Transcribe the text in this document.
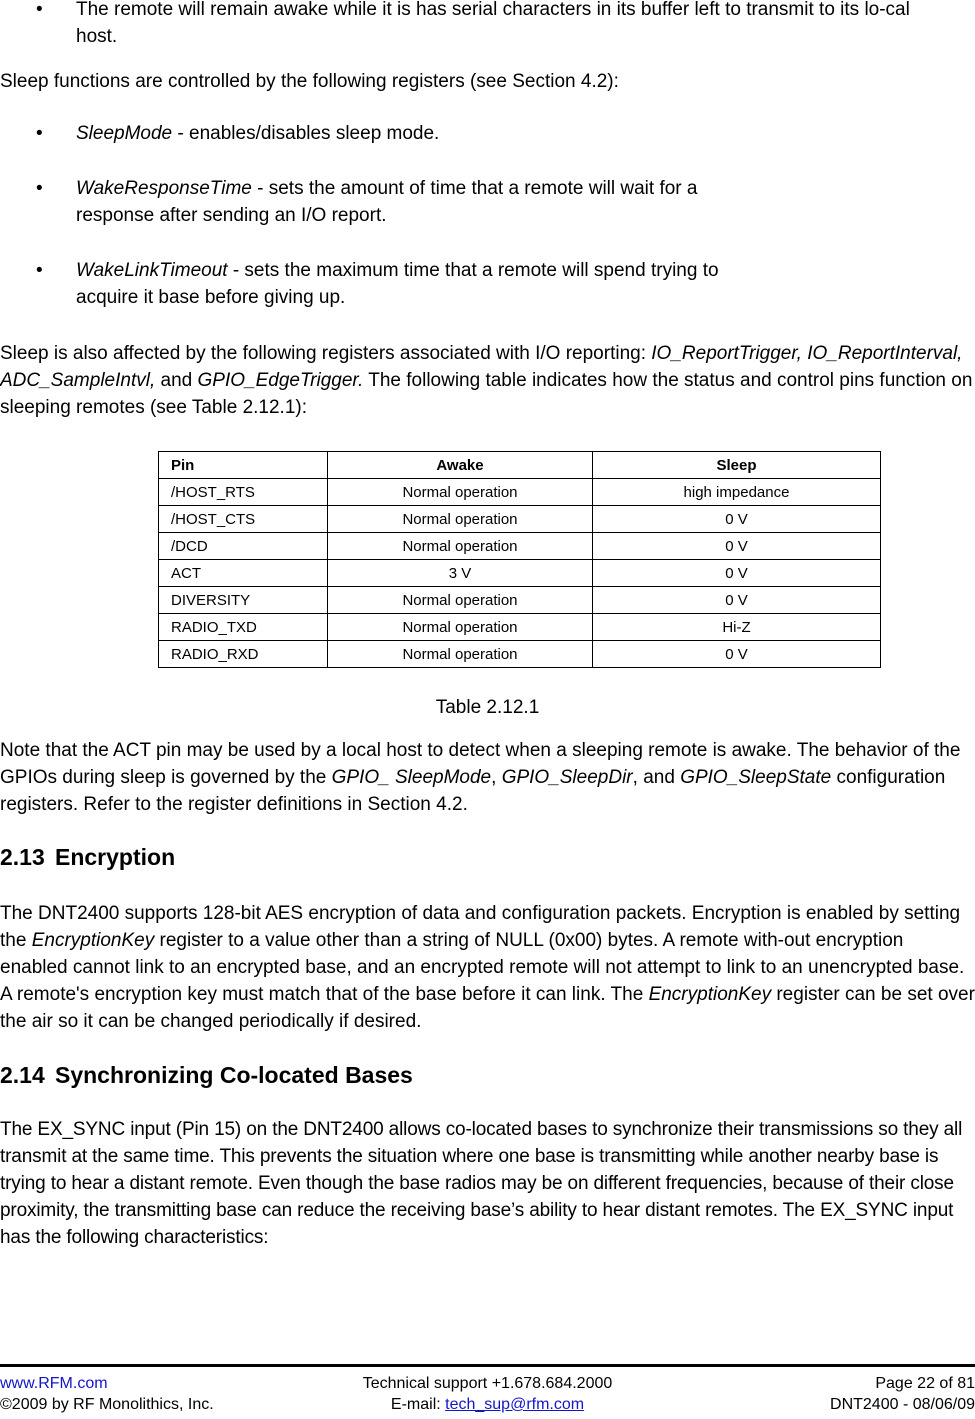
• The remote will remain awake while it is has serial characters in its buffer left to transmit to its lo-cal host.

Sleep functions are controlled by the following registers (see Section 4.2):

• SleepMode - enables/disables sleep mode.

• WakeResponseTime - sets the amount of time that a remote will wait for a response after sending an I/O report.

• WakeLinkTimeout - sets the maximum time that a remote will spend trying to acquire it base before giving up.

Sleep is also affected by the following registers associated with I/O reporting: IO_ReportTrigger, IO_ReportInterval, ADC_SampleIntvl, and GPIO_EdgeTrigger. The following table indicates how the status and control pins function on sleeping remotes (see Table 2.12.1):

Pin	Awake	Sleep
/HOST_RTS	Normal operation	high impedance
/HOST_CTS	Normal operation	0 V
/DCD	Normal operation	0 V
ACT	3 V	0 V
DIVERSITY	Normal operation	0 V
RADIO_TXD	Normal operation	Hi-Z
RADIO_RXD	Normal operation	0 V
Table 2.12.1

Note that the ACT pin may be used by a local host to detect when a sleeping remote is awake. The behavior of the GPIOs during sleep is governed by the GPIO_ SleepMode, GPIO_SleepDir, and GPIO_SleepState configuration registers. Refer to the register definitions in Section 4.2.

2.13 Encryption

The DNT2400 supports 128-bit AES encryption of data and configuration packets. Encryption is enabled by setting the EncryptionKey register to a value other than a string of NULL (0x00) bytes. A remote with-out encryption enabled cannot link to an encrypted base, and an encrypted remote will not attempt to link to an unencrypted base. A remote's encryption key must match that of the base before it can link. The EncryptionKey register can be set over the air so it can be changed periodically if desired.

2.14 Synchronizing Co-located Bases

The EX_SYNC input (Pin 15) on the DNT2400 allows co-located bases to synchronize their transmissions so they all transmit at the same time. This prevents the situation where one base is transmitting while another nearby base is trying to hear a distant remote. Even though the base radios may be on different frequencies, because of their close proximity, the transmitting base can reduce the receiving base’s ability to hear distant remotes. The EX_SYNC input has the following characteristics:

www.RFM.com
©2009 by RF Monolithics, Inc.
Technical support +1.678.684.2000
E-mail: tech_sup@rfm.com
Page 22 of 81
DNT2400 - 08/06/09
